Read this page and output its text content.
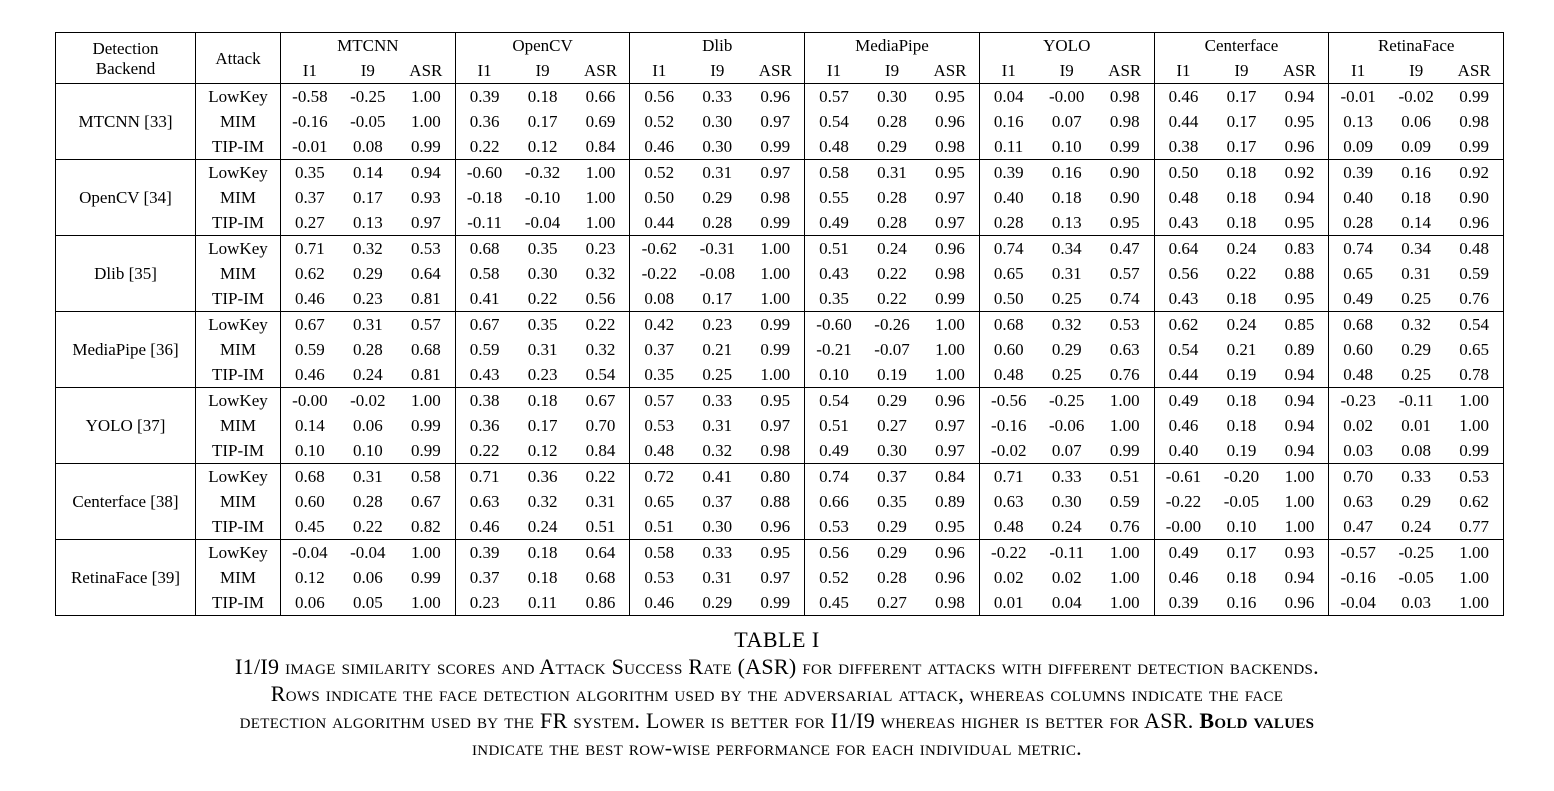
Detection
Backend	Attack	MTCNN			OpenCV			Dlib			MediaPipe			YOLO			Centerface			RetinaFace		
		I1	I9	ASR	I1	I9	ASR	I1	I9	ASR	I1	I9	ASR	I1	I9	ASR	I1	I9	ASR	I1	I9	ASR
MTCNN [33]	LowKey	-0.58	-0.25	1.00	0.39	0.18	0.66	0.56	0.33	0.96	0.57	0.30	0.95	0.04	-0.00	0.98	0.46	0.17	0.94	-0.01	-0.02	0.99
	MIM	-0.16	-0.05	1.00	0.36	0.17	0.69	0.52	0.30	0.97	0.54	0.28	0.96	0.16	0.07	0.98	0.44	0.17	0.95	0.13	0.06	0.98
	TIP-IM	-0.01	0.08	0.99	0.22	0.12	0.84	0.46	0.30	0.99	0.48	0.29	0.98	0.11	0.10	0.99	0.38	0.17	0.96	0.09	0.09	0.99
OpenCV [34]	LowKey	0.35	0.14	0.94	-0.60	-0.32	1.00	0.52	0.31	0.97	0.58	0.31	0.95	0.39	0.16	0.90	0.50	0.18	0.92	0.39	0.16	0.92
	MIM	0.37	0.17	0.93	-0.18	-0.10	1.00	0.50	0.29	0.98	0.55	0.28	0.97	0.40	0.18	0.90	0.48	0.18	0.94	0.40	0.18	0.90
	TIP-IM	0.27	0.13	0.97	-0.11	-0.04	1.00	0.44	0.28	0.99	0.49	0.28	0.97	0.28	0.13	0.95	0.43	0.18	0.95	0.28	0.14	0.96
Dlib [35]	LowKey	0.71	0.32	0.53	0.68	0.35	0.23	-0.62	-0.31	1.00	0.51	0.24	0.96	0.74	0.34	0.47	0.64	0.24	0.83	0.74	0.34	0.48
	MIM	0.62	0.29	0.64	0.58	0.30	0.32	-0.22	-0.08	1.00	0.43	0.22	0.98	0.65	0.31	0.57	0.56	0.22	0.88	0.65	0.31	0.59
	TIP-IM	0.46	0.23	0.81	0.41	0.22	0.56	0.08	0.17	1.00	0.35	0.22	0.99	0.50	0.25	0.74	0.43	0.18	0.95	0.49	0.25	0.76
MediaPipe [36]	LowKey	0.67	0.31	0.57	0.67	0.35	0.22	0.42	0.23	0.99	-0.60	-0.26	1.00	0.68	0.32	0.53	0.62	0.24	0.85	0.68	0.32	0.54
	MIM	0.59	0.28	0.68	0.59	0.31	0.32	0.37	0.21	0.99	-0.21	-0.07	1.00	0.60	0.29	0.63	0.54	0.21	0.89	0.60	0.29	0.65
	TIP-IM	0.46	0.24	0.81	0.43	0.23	0.54	0.35	0.25	1.00	0.10	0.19	1.00	0.48	0.25	0.76	0.44	0.19	0.94	0.48	0.25	0.78
YOLO [37]	LowKey	-0.00	-0.02	1.00	0.38	0.18	0.67	0.57	0.33	0.95	0.54	0.29	0.96	-0.56	-0.25	1.00	0.49	0.18	0.94	-0.23	-0.11	1.00
	MIM	0.14	0.06	0.99	0.36	0.17	0.70	0.53	0.31	0.97	0.51	0.27	0.97	-0.16	-0.06	1.00	0.46	0.18	0.94	0.02	0.01	1.00
	TIP-IM	0.10	0.10	0.99	0.22	0.12	0.84	0.48	0.32	0.98	0.49	0.30	0.97	-0.02	0.07	0.99	0.40	0.19	0.94	0.03	0.08	0.99
Centerface [38]	LowKey	0.68	0.31	0.58	0.71	0.36	0.22	0.72	0.41	0.80	0.74	0.37	0.84	0.71	0.33	0.51	-0.61	-0.20	1.00	0.70	0.33	0.53
	MIM	0.60	0.28	0.67	0.63	0.32	0.31	0.65	0.37	0.88	0.66	0.35	0.89	0.63	0.30	0.59	-0.22	-0.05	1.00	0.63	0.29	0.62
	TIP-IM	0.45	0.22	0.82	0.46	0.24	0.51	0.51	0.30	0.96	0.53	0.29	0.95	0.48	0.24	0.76	-0.00	0.10	1.00	0.47	0.24	0.77
RetinaFace [39]	LowKey	-0.04	-0.04	1.00	0.39	0.18	0.64	0.58	0.33	0.95	0.56	0.29	0.96	-0.22	-0.11	1.00	0.49	0.17	0.93	-0.57	-0.25	1.00
	MIM	0.12	0.06	0.99	0.37	0.18	0.68	0.53	0.31	0.97	0.52	0.28	0.96	0.02	0.02	1.00	0.46	0.18	0.94	-0.16	-0.05	1.00
	TIP-IM	0.06	0.05	1.00	0.23	0.11	0.86	0.46	0.29	0.99	0.45	0.27	0.98	0.01	0.04	1.00	0.39	0.16	0.96	-0.04	0.03	1.00
TABLE I
I1/I9 image similarity scores and Attack Success Rate (ASR) for different attacks with different detection backends.
Rows indicate the face detection algorithm used by the adversarial attack, whereas columns indicate the face
detection algorithm used by the FR system. Lower is better for I1/I9 whereas higher is better for ASR. Bold values
indicate the best row-wise performance for each individual metric.
